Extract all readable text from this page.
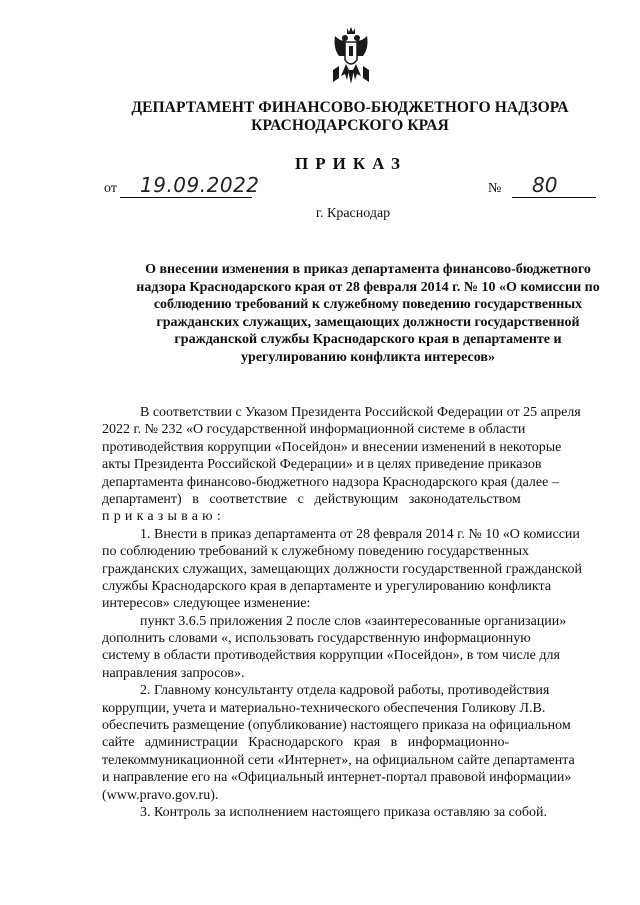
ДЕПАРТАМЕНТ ФИНАНСОВО-БЮДЖЕТНОГО НАДЗОРА
КРАСНОДАРСКОГО КРАЯ
ПРИКАЗ
от 19.09.2022	№ 80
г. Краснодар
О внесении изменения в приказ департамента финансово-бюджетного
надзора Краснодарского края от 28 февраля 2014 г. № 10 «О комиссии по
соблюдению требований к служебному поведению государственных
гражданских служащих, замещающих должности государственной
гражданской службы Краснодарского края в департаменте и
урегулированию конфликта интересов»
В соответствии с Указом Президента Российской Федерации от 25 апреля
2022 г. № 232 «О государственной информационной системе в области
противодействия коррупции «Посейдон» и внесении изменений в некоторые
акты Президента Российской Федерации» и в целях приведение приказов
департамента финансово-бюджетного надзора Краснодарского края (далее –
департамент)   в   соответствие   с   действующим   законодательством
приказываю:
1. Внести в приказ департамента от 28 февраля 2014 г. № 10 «О комиссии
по соблюдению требований к служебному поведению государственных
гражданских служащих, замещающих должности государственной гражданской
службы Краснодарского края в департаменте и урегулированию конфликта
интересов» следующее изменение:
пункт 3.6.5 приложения 2 после слов «заинтересованные организации»
дополнить словами «, использовать государственную информационную
систему в области противодействия коррупции «Посейдон», в том числе для
направления запросов».
2. Главному консультанту отдела кадровой работы, противодействия
коррупции, учета и материально-технического обеспечения Голикову Л.В.
обеспечить размещение (опубликование) настоящего приказа на официальном
сайте   администрации   Краснодарского   края   в   информационно-
телекоммуникационной сети «Интернет», на официальном сайте департамента
и направление его на «Официальный интернет-портал правовой информации»
(www.pravo.gov.ru).
3. Контроль за исполнением настоящего приказа оставляю за собой.
